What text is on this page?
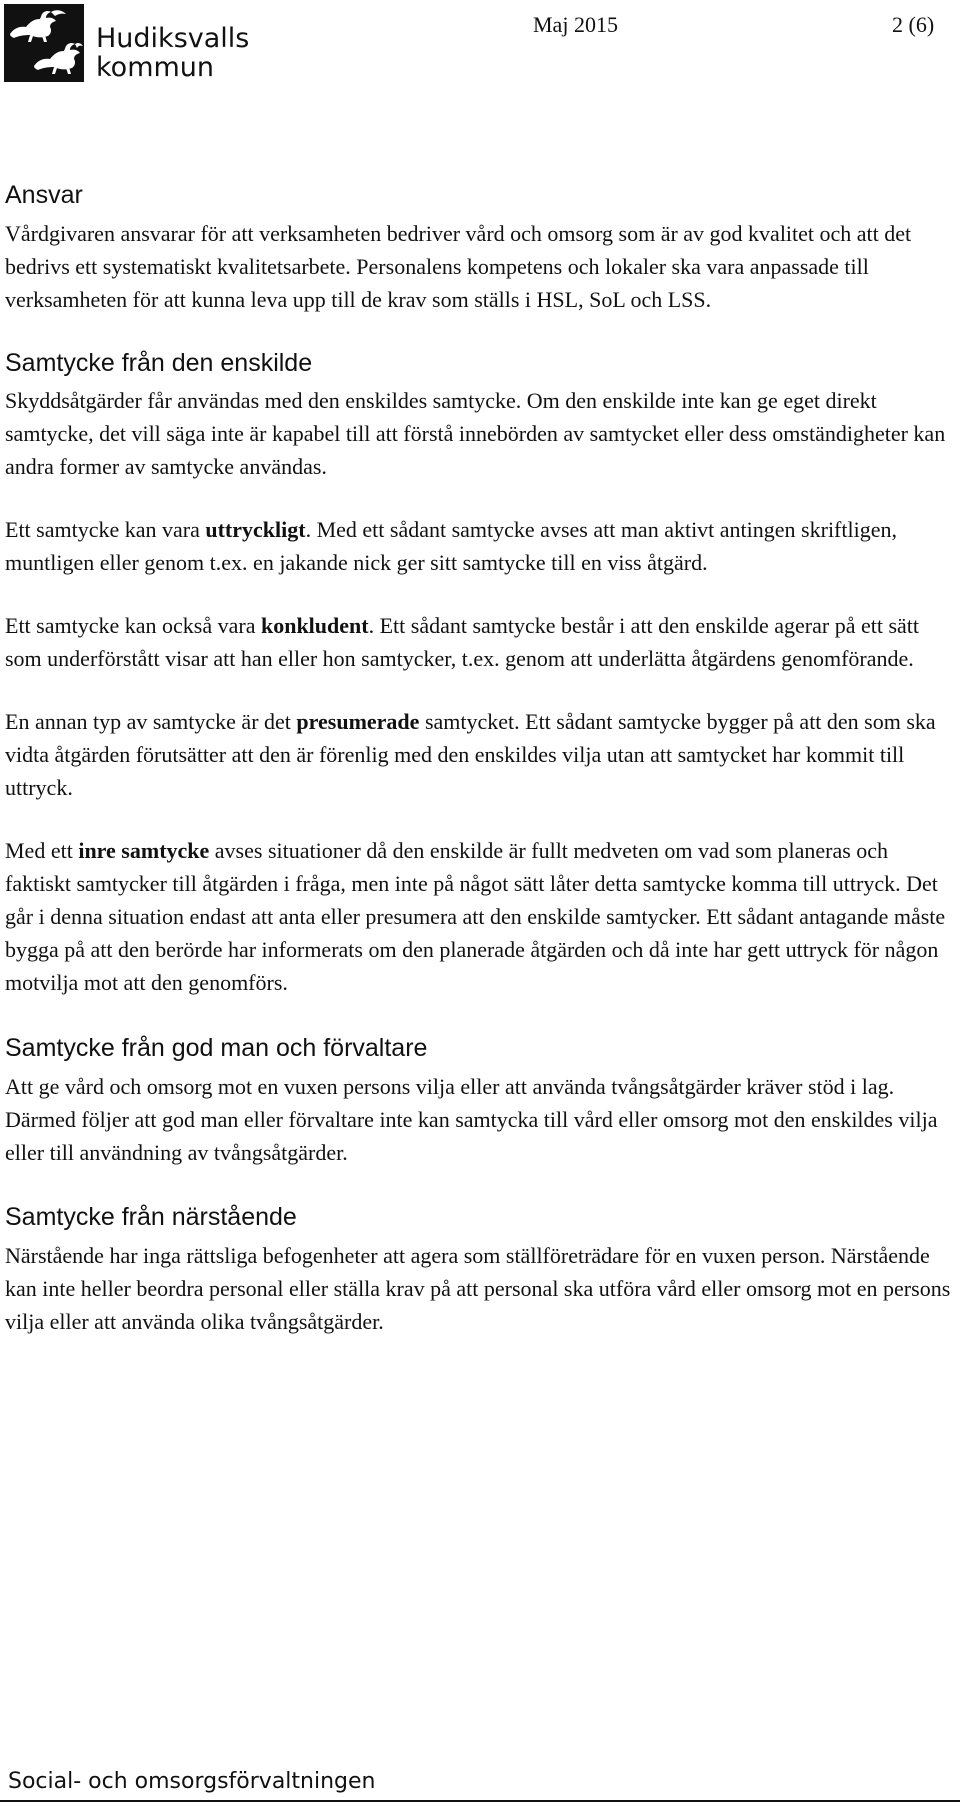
Hudiksvalls
kommun
Maj 2015	2 (6)
Ansvar

Vårdgivaren ansvarar för att verksamheten bedriver vård och omsorg som är av god kvalitet och att det bedrivs ett systematiskt kvalitetsarbete. Personalens kompetens och lokaler ska vara anpassade till verksamheten för att kunna leva upp till de krav som ställs i HSL, SoL och LSS.

Samtycke från den enskilde

Skyddsåtgärder får användas med den enskildes samtycke. Om den enskilde inte kan ge eget direkt samtycke, det vill säga inte är kapabel till att förstå innebörden av samtycket eller dess omständigheter kan andra former av samtycke användas.

Ett samtycke kan vara uttryckligt. Med ett sådant samtycke avses att man aktivt antingen skriftligen, muntligen eller genom t.ex. en jakande nick ger sitt samtycke till en viss åtgärd.

Ett samtycke kan också vara konkludent. Ett sådant samtycke består i att den enskilde agerar på ett sätt som underförstått visar att han eller hon samtycker, t.ex. genom att underlätta åtgärdens genomförande.

En annan typ av samtycke är det presumerade samtycket. Ett sådant samtycke bygger på att den som ska vidta åtgärden förutsätter att den är förenlig med den enskildes vilja utan att samtycket har kommit till uttryck.

Med ett inre samtycke avses situationer då den enskilde är fullt medveten om vad som planeras och faktiskt samtycker till åtgärden i fråga, men inte på något sätt låter detta samtycke komma till uttryck. Det går i denna situation endast att anta eller presumera att den enskilde samtycker. Ett sådant antagande måste bygga på att den berörde har informerats om den planerade åtgärden och då inte har gett uttryck för någon motvilja mot att den genomförs.

Samtycke från god man och förvaltare

Att ge vård och omsorg mot en vuxen persons vilja eller att använda tvångsåtgärder kräver stöd i lag. Därmed följer att god man eller förvaltare inte kan samtycka till vård eller omsorg mot den enskildes vilja eller till användning av tvångsåtgärder.

Samtycke från närstående

Närstående har inga rättsliga befogenheter att agera som ställföreträdare för en vuxen person. Närstående kan inte heller beordra personal eller ställa krav på att personal ska utföra vård eller omsorg mot en persons vilja eller att använda olika tvångsåtgärder.

Social- och omsorgsförvaltningen
